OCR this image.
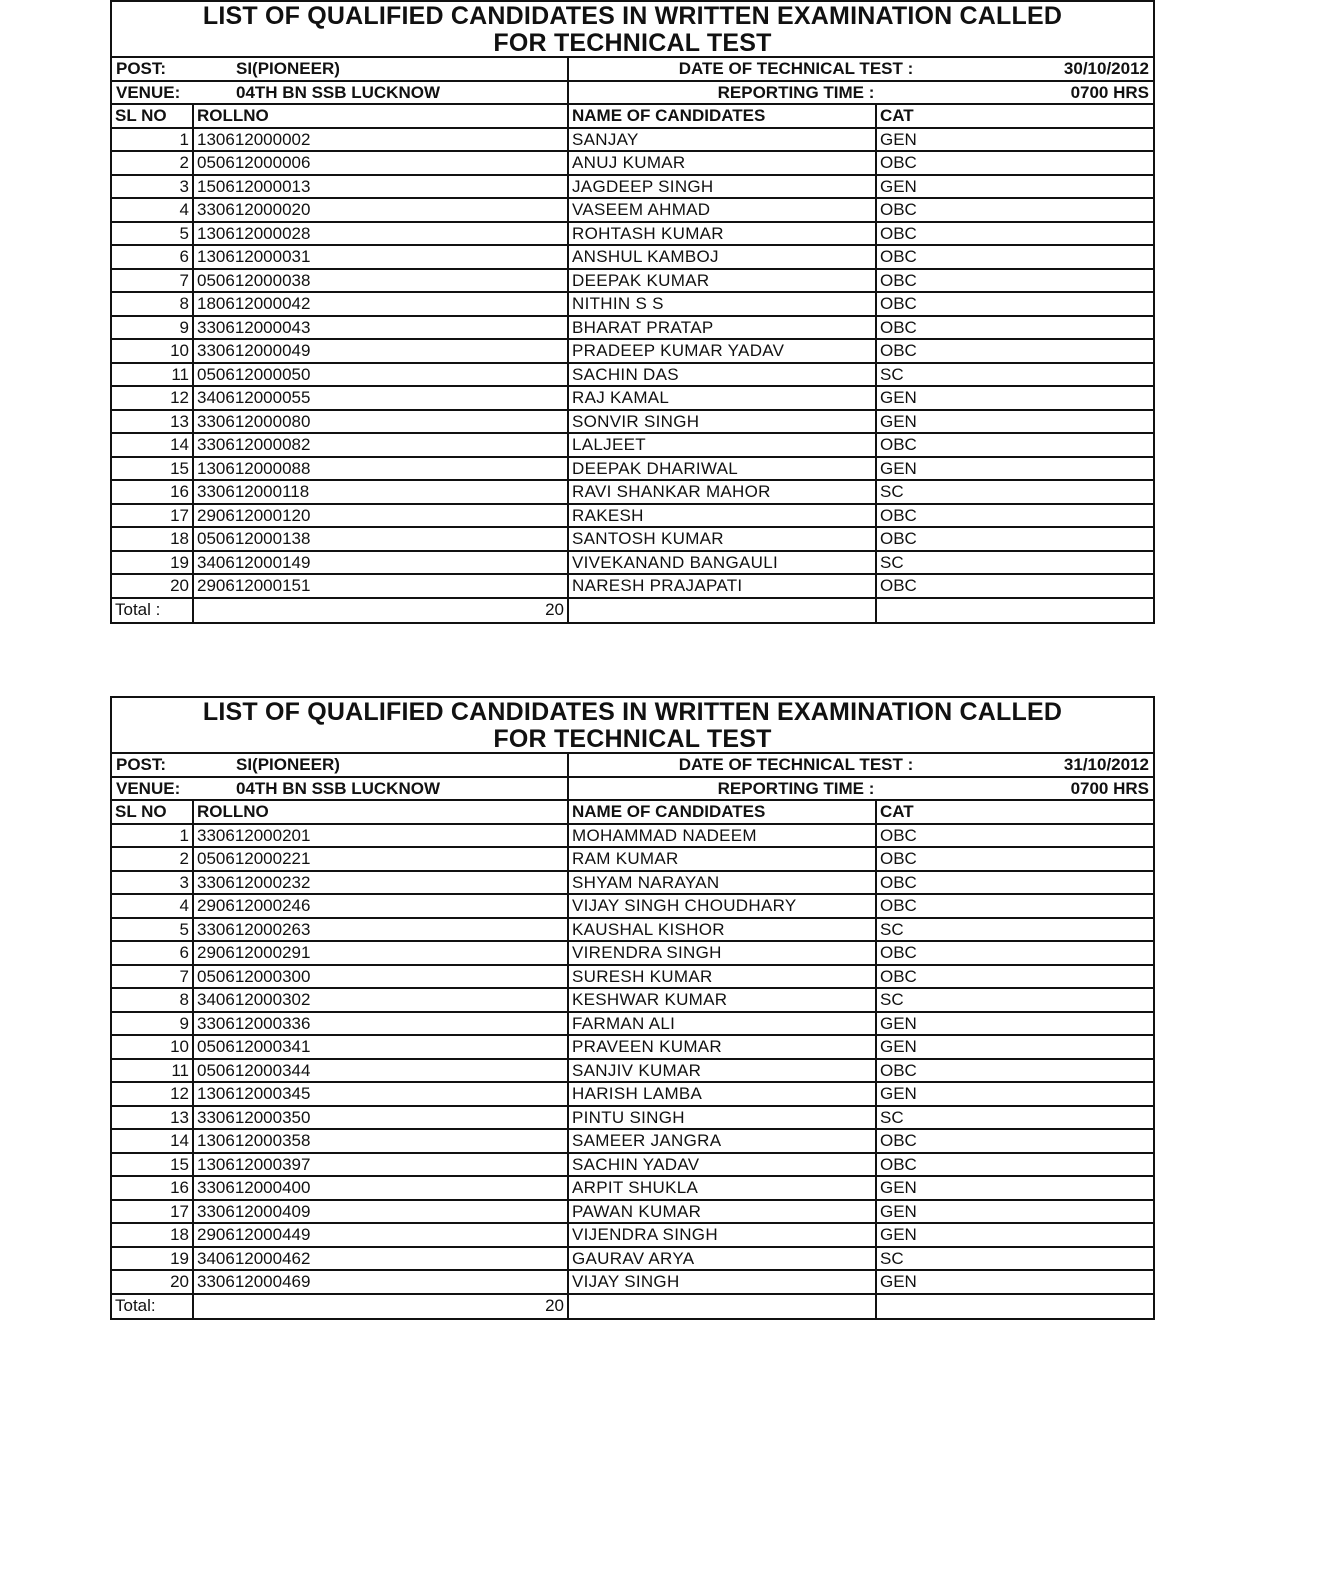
LIST OF QUALIFIED CANDIDATES IN WRITTEN EXAMINATION CALLED
FOR TECHNICAL TEST
POST:	SI(PIONEER)	DATE OF TECHNICAL TEST :	30/10/2012
VENUE:	04TH BN SSB LUCKNOW	REPORTING TIME :	0700 HRS
SL NO	ROLLNO	NAME OF CANDIDATES	CAT
1 130612000002	SANJAY	GEN
2 050612000006	ANUJ KUMAR	OBC
3 150612000013	JAGDEEP SINGH	GEN
4 330612000020	VASEEM AHMAD	OBC
5 130612000028	ROHTASH KUMAR	OBC
6 130612000031	ANSHUL KAMBOJ	OBC
7 050612000038	DEEPAK KUMAR	OBC
8 180612000042	NITHIN S S	OBC
9 330612000043	BHARAT PRATAP	OBC
10 330612000049	PRADEEP KUMAR YADAV	OBC
11 050612000050	SACHIN DAS	SC
12 340612000055	RAJ KAMAL	GEN
13 330612000080	SONVIR SINGH	GEN
14 330612000082	LALJEET	OBC
15 130612000088	DEEPAK DHARIWAL	GEN
16 330612000118	RAVI SHANKAR MAHOR	SC
17 290612000120	RAKESH	OBC
18 050612000138	SANTOSH KUMAR	OBC
19 340612000149	VIVEKANAND BANGAULI	SC
20 290612000151	NARESH PRAJAPATI	OBC
Total :	20
LIST OF QUALIFIED CANDIDATES IN WRITTEN EXAMINATION CALLED
FOR TECHNICAL TEST
POST:	SI(PIONEER)	DATE OF TECHNICAL TEST :	31/10/2012
VENUE:	04TH BN SSB LUCKNOW	REPORTING TIME :	0700 HRS
SL NO	ROLLNO	NAME OF CANDIDATES	CAT
1 330612000201	MOHAMMAD NADEEM	OBC
2 050612000221	RAM KUMAR	OBC
3 330612000232	SHYAM NARAYAN	OBC
4 290612000246	VIJAY SINGH CHOUDHARY	OBC
5 330612000263	KAUSHAL KISHOR	SC
6 290612000291	VIRENDRA SINGH	OBC
7 050612000300	SURESH KUMAR	OBC
8 340612000302	KESHWAR KUMAR	SC
9 330612000336	FARMAN ALI	GEN
10 050612000341	PRAVEEN KUMAR	GEN
11 050612000344	SANJIV KUMAR	OBC
12 130612000345	HARISH LAMBA	GEN
13 330612000350	PINTU SINGH	SC
14 130612000358	SAMEER JANGRA	OBC
15 130612000397	SACHIN YADAV	OBC
16 330612000400	ARPIT SHUKLA	GEN
17 330612000409	PAWAN KUMAR	GEN
18 290612000449	VIJENDRA SINGH	GEN
19 340612000462	GAURAV ARYA	SC
20 330612000469	VIJAY SINGH	GEN
Total:	20
